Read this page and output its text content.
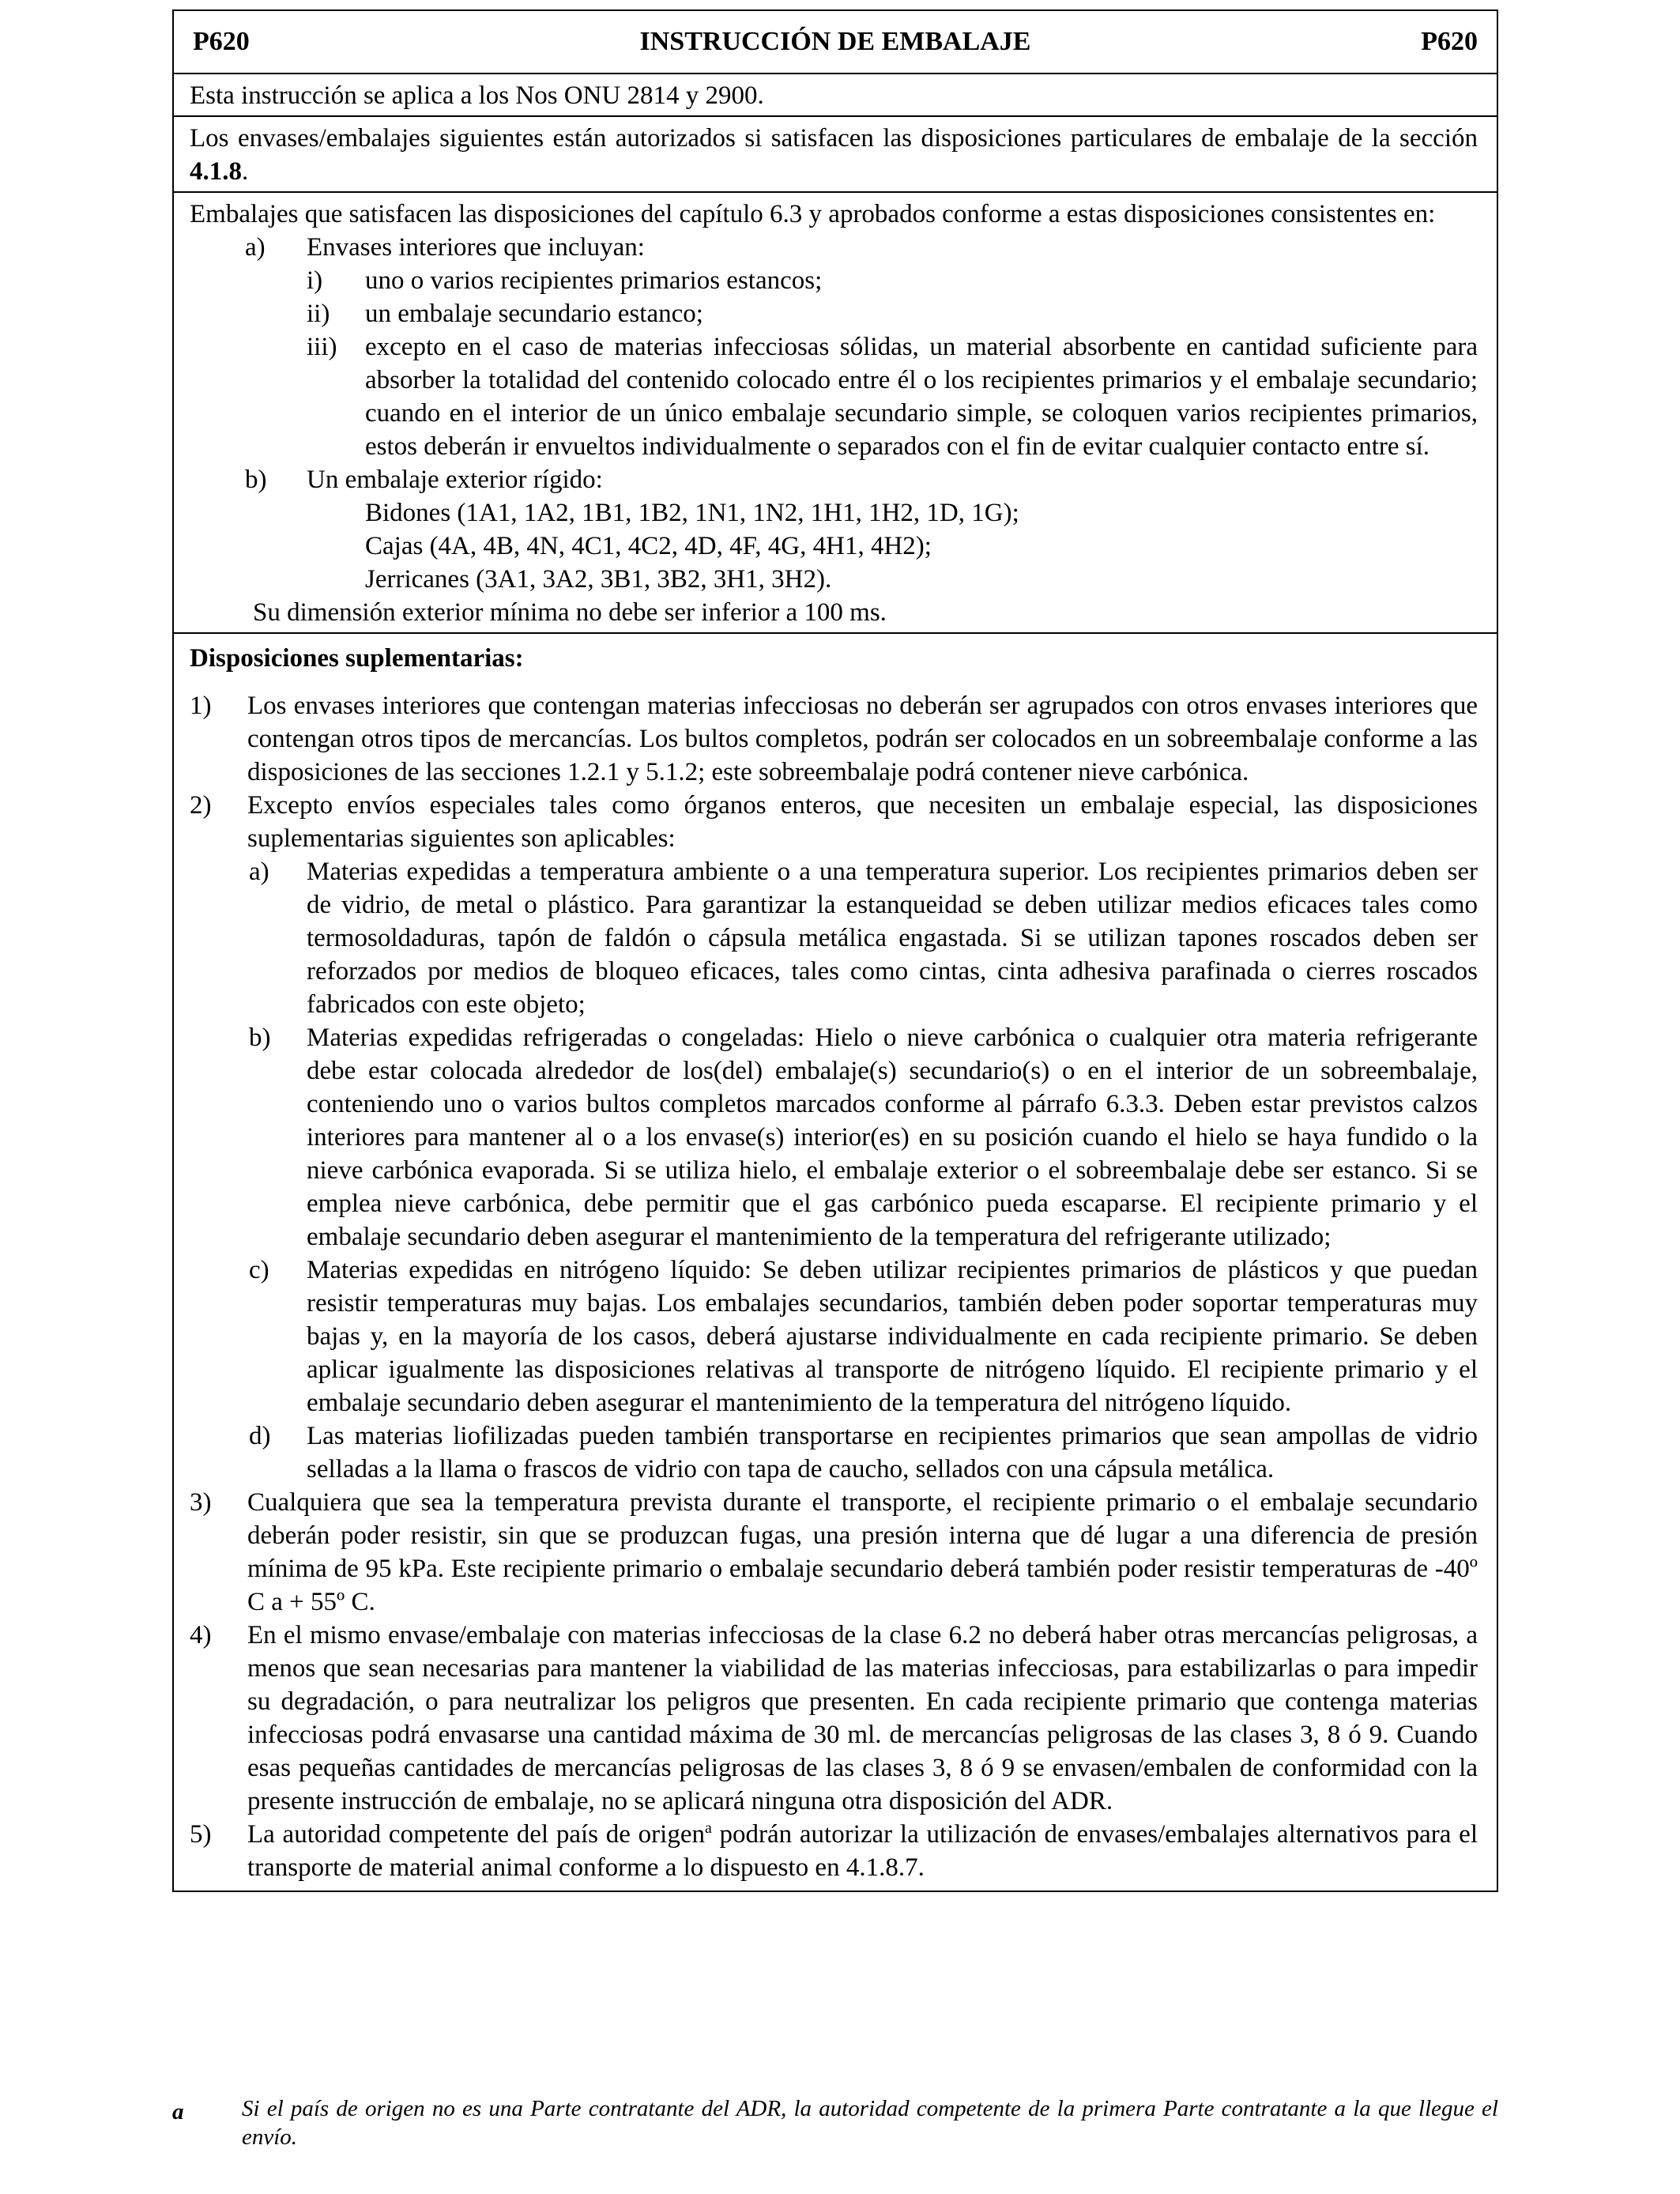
P620	INSTRUCCIÓN DE EMBALAJE	P620
Esta instrucción se aplica a los Nos ONU 2814 y 2900.
Los envases/embalajes siguientes están autorizados si satisfacen las disposiciones particulares de embalaje de la sección 4.1.8.
Embalajes que satisfacen las disposiciones del capítulo 6.3 y aprobados conforme a estas disposiciones consistentes en:
a) Envases interiores que incluyan:
i) uno o varios recipientes primarios estancos;
ii) un embalaje secundario estanco;
iii) excepto en el caso de materias infecciosas sólidas, un material absorbente en cantidad suficiente para absorber la totalidad del contenido colocado entre él o los recipientes primarios y el embalaje secundario; cuando en el interior de un único embalaje secundario simple, se coloquen varios recipientes primarios, estos deberán ir envueltos individualmente o separados con el fin de evitar cualquier contacto entre sí.
b) Un embalaje exterior rígido:
Bidones (1A1, 1A2, 1B1, 1B2, 1N1, 1N2, 1H1, 1H2, 1D, 1G);
Cajas (4A, 4B, 4N, 4C1, 4C2, 4D, 4F, 4G, 4H1, 4H2);
Jerricanes (3A1, 3A2, 3B1, 3B2, 3H1, 3H2).
Su dimensión exterior mínima no debe ser inferior a 100 ms.
Disposiciones suplementarias:
1) Los envases interiores que contengan materias infecciosas no deberán ser agrupados con otros envases interiores que contengan otros tipos de mercancías. Los bultos completos, podrán ser colocados en un sobreembalaje conforme a las disposiciones de las secciones 1.2.1 y 5.1.2; este sobreembalaje podrá contener nieve carbónica.
2) Excepto envíos especiales tales como órganos enteros, que necesiten un embalaje especial, las disposiciones suplementarias siguientes son aplicables:
a) Materias expedidas a temperatura ambiente o a una temperatura superior. Los recipientes primarios deben ser de vidrio, de metal o plástico. Para garantizar la estanqueidad se deben utilizar medios eficaces tales como termosoldaduras, tapón de faldón o cápsula metálica engastada. Si se utilizan tapones roscados deben ser reforzados por medios de bloqueo eficaces, tales como cintas, cinta adhesiva parafinada o cierres roscados fabricados con este objeto;
b) Materias expedidas refrigeradas o congeladas: Hielo o nieve carbónica o cualquier otra materia refrigerante debe estar colocada alrededor de los(del) embalaje(s) secundario(s) o en el interior de un sobreembalaje, conteniendo uno o varios bultos completos marcados conforme al párrafo 6.3.3. Deben estar previstos calzos interiores para mantener al o a los envase(s) interior(es) en su posición cuando el hielo se haya fundido o la nieve carbónica evaporada. Si se utiliza hielo, el embalaje exterior o el sobreembalaje debe ser estanco. Si se emplea nieve carbónica, debe permitir que el gas carbónico pueda escaparse. El recipiente primario y el embalaje secundario deben asegurar el mantenimiento de la temperatura del refrigerante utilizado;
c) Materias expedidas en nitrógeno líquido: Se deben utilizar recipientes primarios de plásticos y que puedan resistir temperaturas muy bajas. Los embalajes secundarios, también deben poder soportar temperaturas muy bajas y, en la mayoría de los casos, deberá ajustarse individualmente en cada recipiente primario. Se deben aplicar igualmente las disposiciones relativas al transporte de nitrógeno líquido. El recipiente primario y el embalaje secundario deben asegurar el mantenimiento de la temperatura del nitrógeno líquido.
d) Las materias liofilizadas pueden también transportarse en recipientes primarios que sean ampollas de vidrio selladas a la llama o frascos de vidrio con tapa de caucho, sellados con una cápsula metálica.
3) Cualquiera que sea la temperatura prevista durante el transporte, el recipiente primario o el embalaje secundario deberán poder resistir, sin que se produzcan fugas, una presión interna que dé lugar a una diferencia de presión mínima de 95 kPa. Este recipiente primario o embalaje secundario deberá también poder resistir temperaturas de -40º C a + 55º C.
4) En el mismo envase/embalaje con materias infecciosas de la clase 6.2 no deberá haber otras mercancías peligrosas, a menos que sean necesarias para mantener la viabilidad de las materias infecciosas, para estabilizarlas o para impedir su degradación, o para neutralizar los peligros que presenten. En cada recipiente primario que contenga materias infecciosas podrá envasarse una cantidad máxima de 30 ml. de mercancías peligrosas de las clases 3, 8 ó 9. Cuando esas pequeñas cantidades de mercancías peligrosas de las clases 3, 8 ó 9 se envasen/embalen de conformidad con la presente instrucción de embalaje, no se aplicará ninguna otra disposición del ADR.
5) La autoridad competente del país de origen$^a$ podrán autorizar la utilización de envases/embalajes alternativos para el transporte de material animal conforme a lo dispuesto en 4.1.8.7.
a	Si el país de origen no es una Parte contratante del ADR, la autoridad competente de la primera Parte contratante a la que llegue el envío.
